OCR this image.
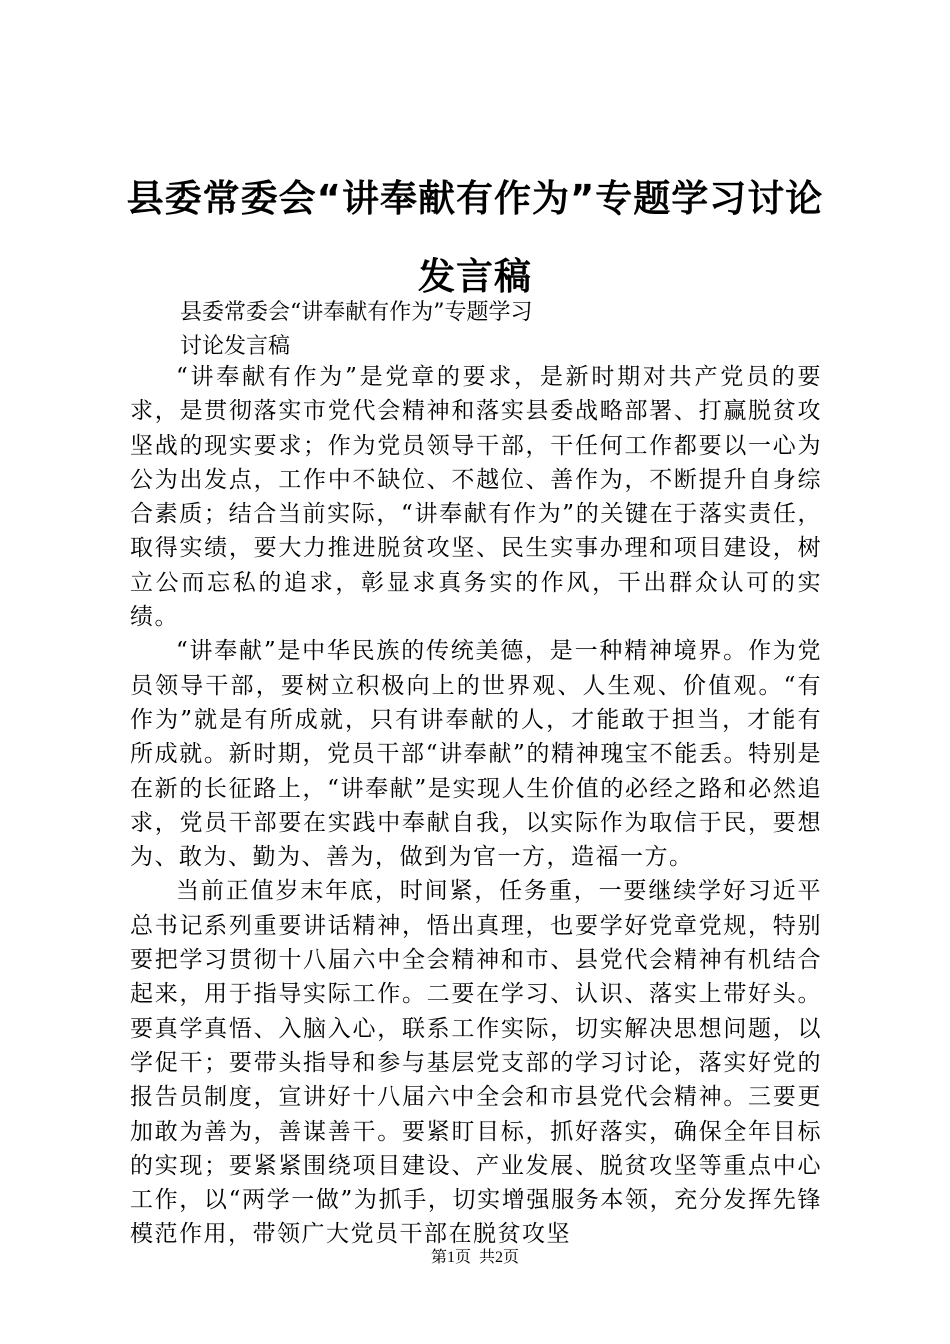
县委常委会“讲奉献有作为”专题学习讨论发言稿
县委常委会“讲奉献有作为”专题学习
讨论发言稿

“讲奉献有作为”是党章的要求，是新时期对共产党员的要求，是贯彻落实市党代会精神和落实县委战略部署、打赢脱贫攻坚战的现实要求；作为党员领导干部，干任何工作都要以一心为公为出发点，工作中不缺位、不越位、善作为，不断提升自身综合素质；结合当前实际，“讲奉献有作为”的关键在于落实责任，取得实绩，要大力推进脱贫攻坚、民生实事办理和项目建设，树立公而忘私的追求，彰显求真务实的作风，干出群众认可的实绩。

“讲奉献”是中华民族的传统美德，是一种精神境界。作为党员领导干部，要树立积极向上的世界观、人生观、价值观。“有作为”就是有所成就，只有讲奉献的人，才能敢于担当，才能有所成就。新时期，党员干部“讲奉献”的精神瑰宝不能丢。特别是在新的长征路上，“讲奉献”是实现人生价值的必经之路和必然追求，党员干部要在实践中奉献自我，以实际作为取信于民，要想为、敢为、勤为、善为，做到为官一方，造福一方。

当前正值岁末年底，时间紧，任务重，一要继续学好习近平总书记系列重要讲话精神，悟出真理，也要学好党章党规，特别要把学习贯彻十八届六中全会精神和市、县党代会精神有机结合起来，用于指导实际工作。二要在学习、认识、落实上带好头。要真学真悟、入脑入心，联系工作实际，切实解决思想问题，以学促干；要带头指导和参与基层党支部的学习讨论，落实好党的报告员制度，宣讲好十八届六中全会和市县党代会精神。三要更加敢为善为，善谋善干。要紧盯目标，抓好落实，确保全年目标的实现；要紧紧围绕项目建设、产业发展、脱贫攻坚等重点中心工作，以“两学一做”为抓手，切实增强服务本领，充分发挥先锋模范作用，带领广大党员干部在脱贫攻坚

第1页 共2页
